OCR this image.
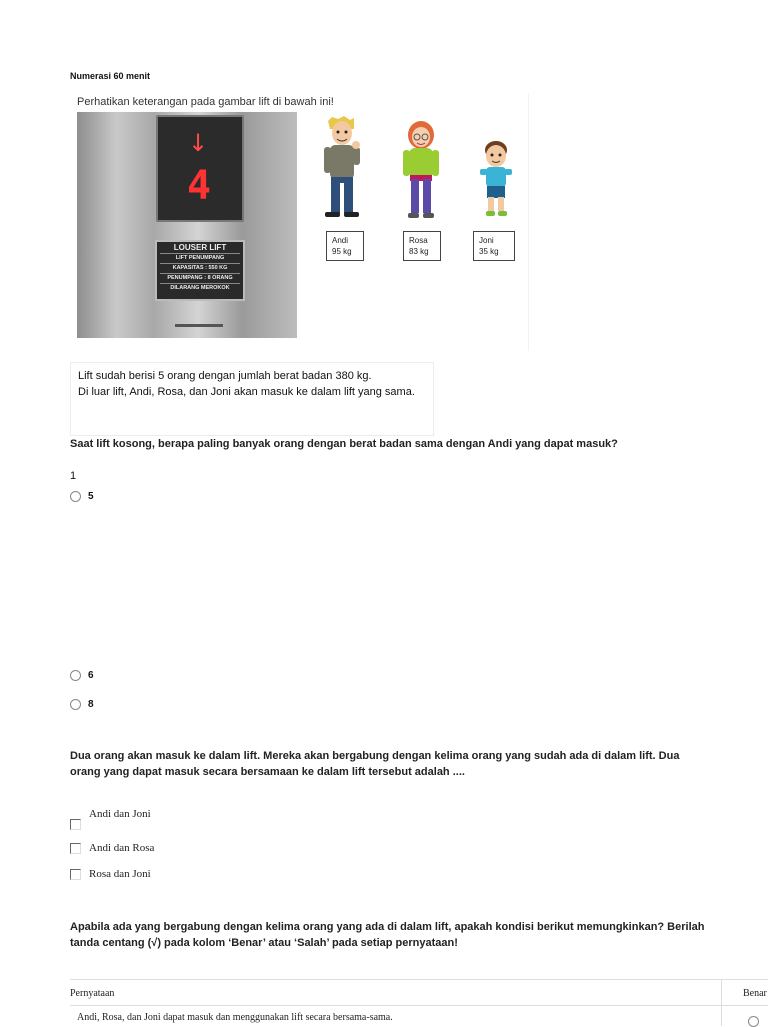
Numerasi 60 menit
Perhatikan keterangan pada gambar lift di bawah ini!
↓
4
LOUSER LIFT
LIFT PENUMPANG
KAPASITAS : 550 KG
PENUMPANG : 8 ORANG
DILARANG MEROKOK
Andi
95 kg
Rosa
83 kg
Joni
35 kg
Lift sudah berisi 5 orang dengan jumlah berat badan 380 kg.
Di luar lift, Andi, Rosa, dan Joni akan masuk ke dalam lift yang sama.
Saat lift kosong, berapa paling banyak orang dengan berat badan sama dengan Andi yang dapat masuk?
1
5
6
8
Dua orang akan masuk ke dalam lift. Mereka akan bergabung dengan kelima orang yang sudah ada di dalam lift. Dua
orang yang dapat masuk secara bersamaan ke dalam lift tersebut adalah ....
Andi dan Joni
Andi dan Rosa
Rosa dan Joni
Apabila ada yang bergabung dengan kelima orang yang ada di dalam lift, apakah kondisi berikut memungkinkan? Berilah
tanda centang (√) pada kolom ‘Benar’ atau ‘Salah’ pada setiap pernyataan!
Pernyataan	Benar
Andi, Rosa, dan Joni dapat masuk dan menggunakan lift secara bersama-sama.
